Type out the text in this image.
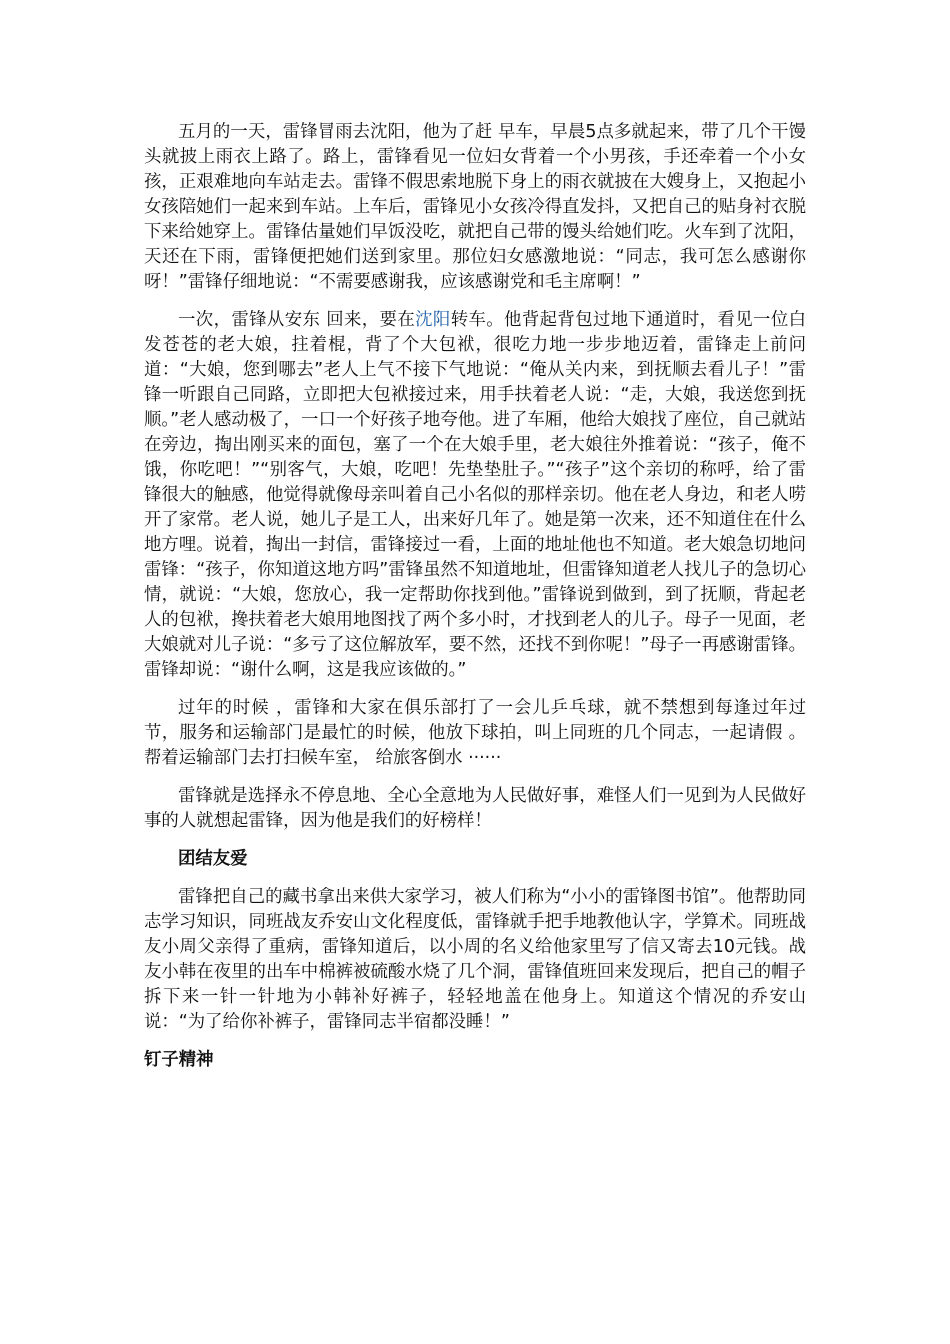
五月的一天，雷锋冒雨去沈阳，他为了赶 早车，早晨5点多就起来，带了几个干馒头就披上雨衣上路了。路上，雷锋看见一位妇女背着一个小男孩，手还牵着一个小女孩，正艰难地向车站走去。雷锋不假思索地脱下身上的雨衣就披在大嫂身上，又抱起小女孩陪她们一起来到车站。上车后，雷锋见小女孩冷得直发抖，又把自己的贴身衬衣脱下来给她穿上。雷锋估量她们早饭没吃，就把自己带的馒头给她们吃。火车到了沈阳，天还在下雨，雷锋便把她们送到家里。那位妇女感激地说：“同志，我可怎么感谢你呀！”雷锋仔细地说：“不需要感谢我，应该感谢党和毛主席啊！”

一次，雷锋从安东 回来，要在沈阳转车。他背起背包过地下通道时，看见一位白发苍苍的老大娘，拄着棍，背了个大包袱，很吃力地一步步地迈着，雷锋走上前问道：“大娘，您到哪去”老人上气不接下气地说：“俺从关内来，到抚顺去看儿子！”雷锋一听跟自己同路，立即把大包袱接过来，用手扶着老人说：“走，大娘，我送您到抚顺。”老人感动极了，一口一个好孩子地夸他。进了车厢，他给大娘找了座位，自己就站在旁边，掏出刚买来的面包，塞了一个在大娘手里，老大娘往外推着说：“孩子，俺不饿，你吃吧！”“别客气，大娘，吃吧！先垫垫肚子。”“孩子”这个亲切的称呼，给了雷锋很大的触感，他觉得就像母亲叫着自己小名似的那样亲切。他在老人身边，和老人唠开了家常。老人说，她儿子是工人，出来好几年了。她是第一次来，还不知道住在什么地方哩。说着，掏出一封信，雷锋接过一看，上面的地址他也不知道。老大娘急切地问雷锋：“孩子，你知道这地方吗”雷锋虽然不知道地址，但雷锋知道老人找儿子的急切心情，就说：“大娘，您放心，我一定帮助你找到他。”雷锋说到做到，到了抚顺，背起老人的包袱，搀扶着老大娘用地图找了两个多小时，才找到老人的儿子。母子一见面，老大娘就对儿子说：“多亏了这位解放军，要不然，还找不到你呢！”母子一再感谢雷锋。雷锋却说：“谢什么啊，这是我应该做的。”

过年的时候 ，雷锋和大家在俱乐部打了一会儿乒乓球，就不禁想到每逢过年过节，服务和运输部门是最忙的时候，他放下球拍，叫上同班的几个同志，一起请假 。帮着运输部门去打扫候车室， 给旅客倒水 ······

雷锋就是选择永不停息地、全心全意地为人民做好事，难怪人们一见到为人民做好事的人就想起雷锋，因为他是我们的好榜样！

团结友爱

雷锋把自己的藏书拿出来供大家学习，被人们称为“小小的雷锋图书馆”。他帮助同志学习知识，同班战友乔安山文化程度低，雷锋就手把手地教他认字，学算术。同班战友小周父亲得了重病，雷锋知道后，以小周的名义给他家里写了信又寄去10元钱。战友小韩在夜里的出车中棉裤被硫酸水烧了几个洞，雷锋值班回来发现后，把自己的帽子拆下来一针一针地为小韩补好裤子，轻轻地盖在他身上。知道这个情况的乔安山说：“为了给你补裤子，雷锋同志半宿都没睡！”

钉子精神
